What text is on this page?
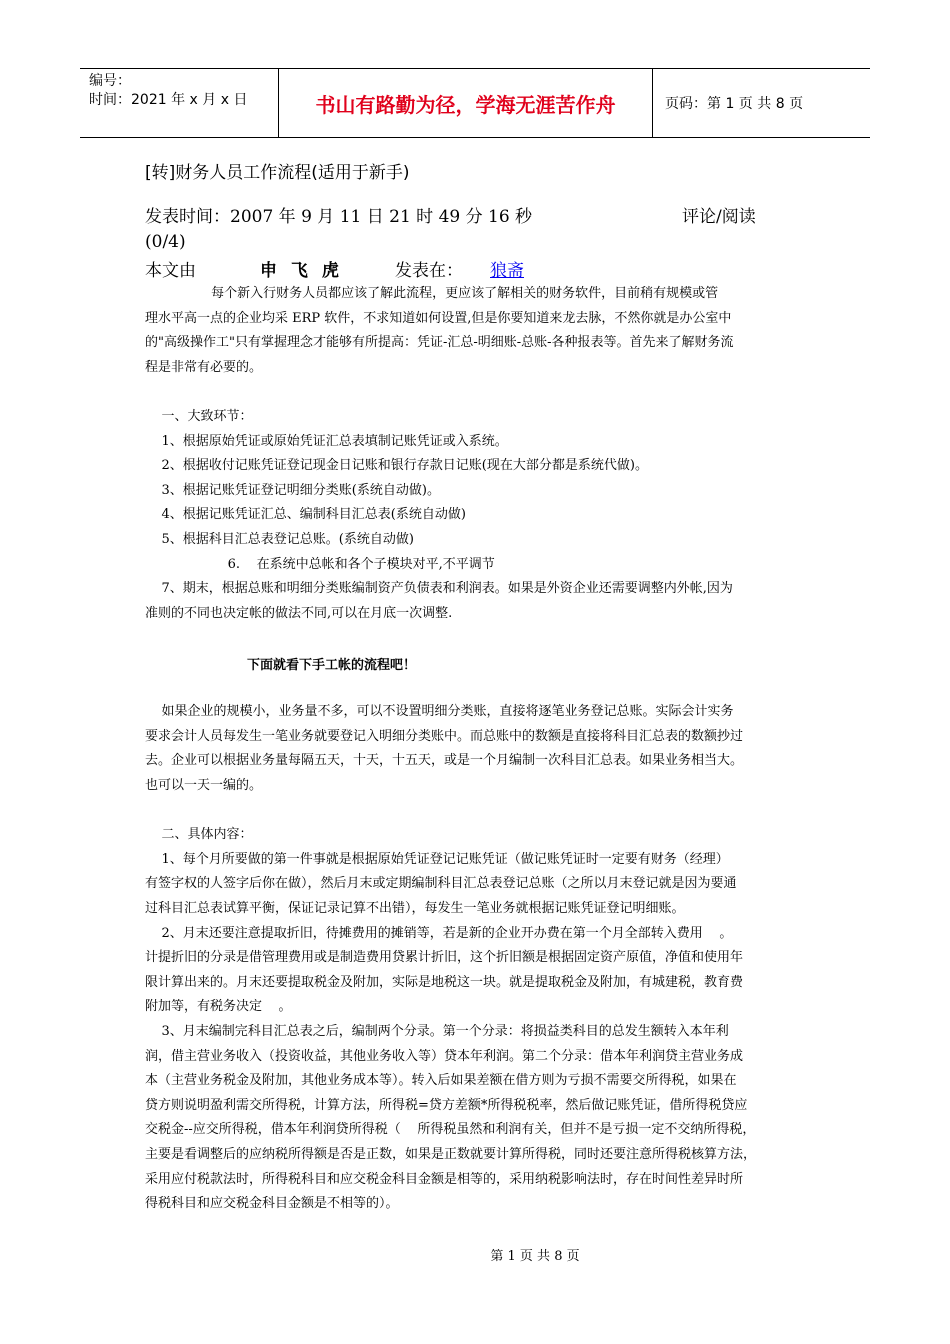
编号：
时间：2021 年 x 月 x 日	书山有路勤为径，学海无涯苦作舟	页码：第 1 页 共 8 页
[转]财务人员工作流程(适用于新手)
发表时间：2007 年 9 月 11 日 21 时 49 分 16 秒
(0/4)
评论/阅读
本文由	申 飞 虎	发表在： 狼斋
每个新入行财务人员都应该了解此流程，更应该了解相关的财务软件，目前稍有规模或管
理水平高一点的企业均采 ERP 软件，不求知道如何设置,但是你要知道来龙去脉，不然你就是办公室中
的"高级操作工"只有掌握理念才能够有所提高：凭证-汇总-明细账-总账-各种报表等。首先来了解财务流
程是非常有必要的。
一、大致环节：
1、根据原始凭证或原始凭证汇总表填制记账凭证或入系统。
2、根据收付记账凭证登记现金日记账和银行存款日记账(现在大部分都是系统代做)。
3、根据记账凭证登记明细分类账(系统自动做)。
4、根据记账凭证汇总、编制科目汇总表(系统自动做)
5、根据科目汇总表登记总账。(系统自动做)
6.    在系统中总帐和各个子模块对平,不平调节
7、期末，根据总账和明细分类账编制资产负债表和利润表。如果是外资企业还需要调整内外帐,因为
准则的不同也决定帐的做法不同,可以在月底一次调整.
如果企业的规模小，业务量不多，可以不设置明细分类账，直接将逐笔业务登记总账。实际会计实务
要求会计人员每发生一笔业务就要登记入明细分类账中。而总账中的数额是直接将科目汇总表的数额抄过
去。企业可以根据业务量每隔五天，十天，十五天，或是一个月编制一次科目汇总表。如果业务相当大。
也可以一天一编的。
二、具体内容：
1、每个月所要做的第一件事就是根据原始凭证登记记账凭证（做记账凭证时一定要有财务（经理）
有签字权的人签字后你在做），然后月末或定期编制科目汇总表登记总账（之所以月末登记就是因为要通
过科目汇总表试算平衡，保证记录记算不出错），每发生一笔业务就根据记账凭证登记明细账。
2、月末还要注意提取折旧，待摊费用的摊销等，若是新的企业开办费在第一个月全部转入费用    。
计提折旧的分录是借管理费用或是制造费用贷累计折旧，这个折旧额是根据固定资产原值，净值和使用年
限计算出来的。月末还要提取税金及附加，实际是地税这一块。就是提取税金及附加，有城建税，教育费
附加等，有税务决定    。
3、月末编制完科目汇总表之后，编制两个分录。第一个分录：将损益类科目的总发生额转入本年利
润，借主营业务收入（投资收益，其他业务收入等）贷本年利润。第二个分录：借本年利润贷主营业务成
本（主营业务税金及附加，其他业务成本等）。转入后如果差额在借方则为亏损不需要交所得税，如果在
贷方则说明盈利需交所得税，计算方法，所得税=贷方差额*所得税税率，然后做记账凭证，借所得税贷应
交税金--应交所得税，借本年利润贷所得税（    所得税虽然和利润有关，但并不是亏损一定不交纳所得税，
主要是看调整后的应纳税所得额是否是正数，如果是正数就要计算所得税，同时还要注意所得税核算方法，
采用应付税款法时，所得税科目和应交税金科目金额是相等的，采用纳税影响法时，存在时间性差异时所
得税科目和应交税金科目金额是不相等的）。
下面就看下手工帐的流程吧！
第 1 页 共 8 页
